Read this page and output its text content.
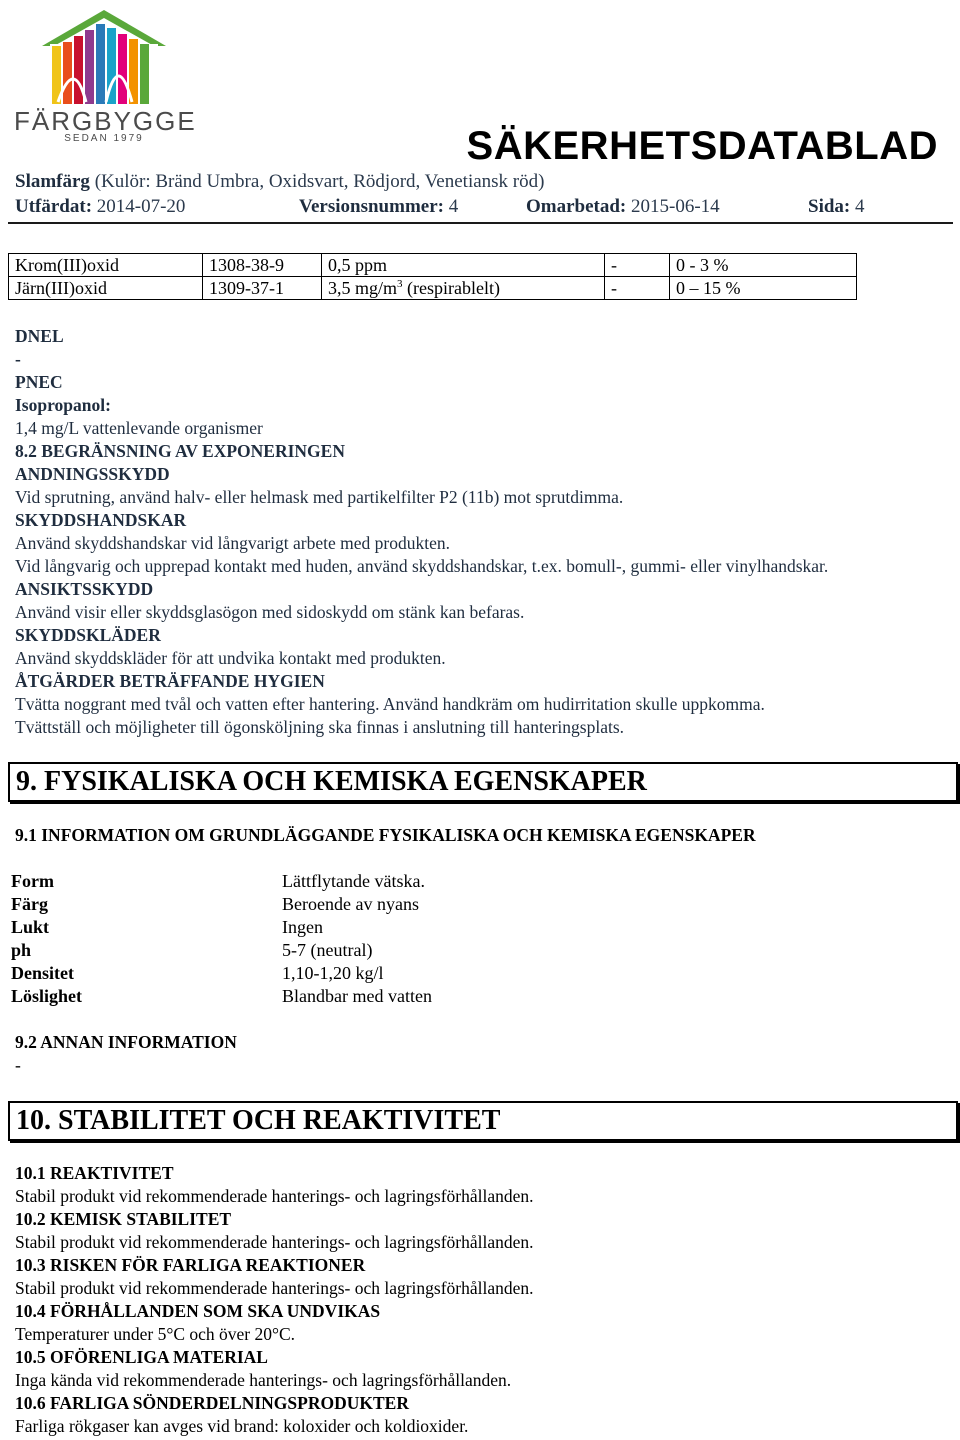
FÄRGBYGGE
SEDAN 1979	SÄKERHETSDATABLAD
Slamfärg (Kulör: Bränd Umbra, Oxidsvart, Rödjord, Venetiansk röd)
Utfärdat: 2014-07-20	Versionsnummer: 4	Omarbetad: 2015-06-14	Sida: 4
Krom(III)oxid	1308-38-9	0,5 ppm	-	0 - 3 %
Järn(III)oxid	1309-37-1	3,5 $mg/m^3$ (respirablelt)	-	0 – 15 %
DNEL
-
PNEC
Isopropanol:
1,4 mg/L vattenlevande organismer
8.2 BEGRÄNSNING AV EXPONERINGEN
ANDNINGSSKYDD
Vid sprutning, använd halv- eller helmask med partikelfilter P2 (11b) mot sprutdimma.
SKYDDSHANDSKAR
Använd skyddshandskar vid långvarigt arbete med produkten.
Vid långvarig och upprepad kontakt med huden, använd skyddshandskar, t.ex. bomull-, gummi- eller vinylhandskar.
ANSIKTSSKYDD
Använd visir eller skyddsglasögon med sidoskydd om stänk kan befaras.
SKYDDSKLÄDER
Använd skyddskläder för att undvika kontakt med produkten.
ÅTGÄRDER BETRÄFFANDE HYGIEN
Tvätta noggrant med tvål och vatten efter hantering. Använd handkräm om hudirritation skulle uppkomma.
Tvättställ och möjligheter till ögonsköljning ska finnas i anslutning till hanteringsplats.
9. FYSIKALISKA OCH KEMISKA EGENSKAPER
9.1 INFORMATION OM GRUNDLÄGGANDE FYSIKALISKA OCH KEMISKA EGENSKAPER
Form	Lättflytande vätska.
Färg	Beroende av nyans
Lukt	Ingen
ph	5-7 (neutral)
Densitet	1,10-1,20 kg/l
Löslighet	Blandbar med vatten
9.2 ANNAN INFORMATION
-
10. STABILITET OCH REAKTIVITET
10.1 REAKTIVITET
Stabil produkt vid rekommenderade hanterings- och lagringsförhållanden.
10.2 KEMISK STABILITET
Stabil produkt vid rekommenderade hanterings- och lagringsförhållanden.
10.3 RISKEN FÖR FARLIGA REAKTIONER
Stabil produkt vid rekommenderade hanterings- och lagringsförhållanden.
10.4 FÖRHÅLLANDEN SOM SKA UNDVIKAS
Temperaturer under 5°C och över 20°C.
10.5 OFÖRENLIGA MATERIAL
Inga kända vid rekommenderade hanterings- och lagringsförhållanden.
10.6 FARLIGA SÖNDERDELNINGSPRODUKTER
Farliga rökgaser kan avges vid brand: koloxider och koldioxider.
